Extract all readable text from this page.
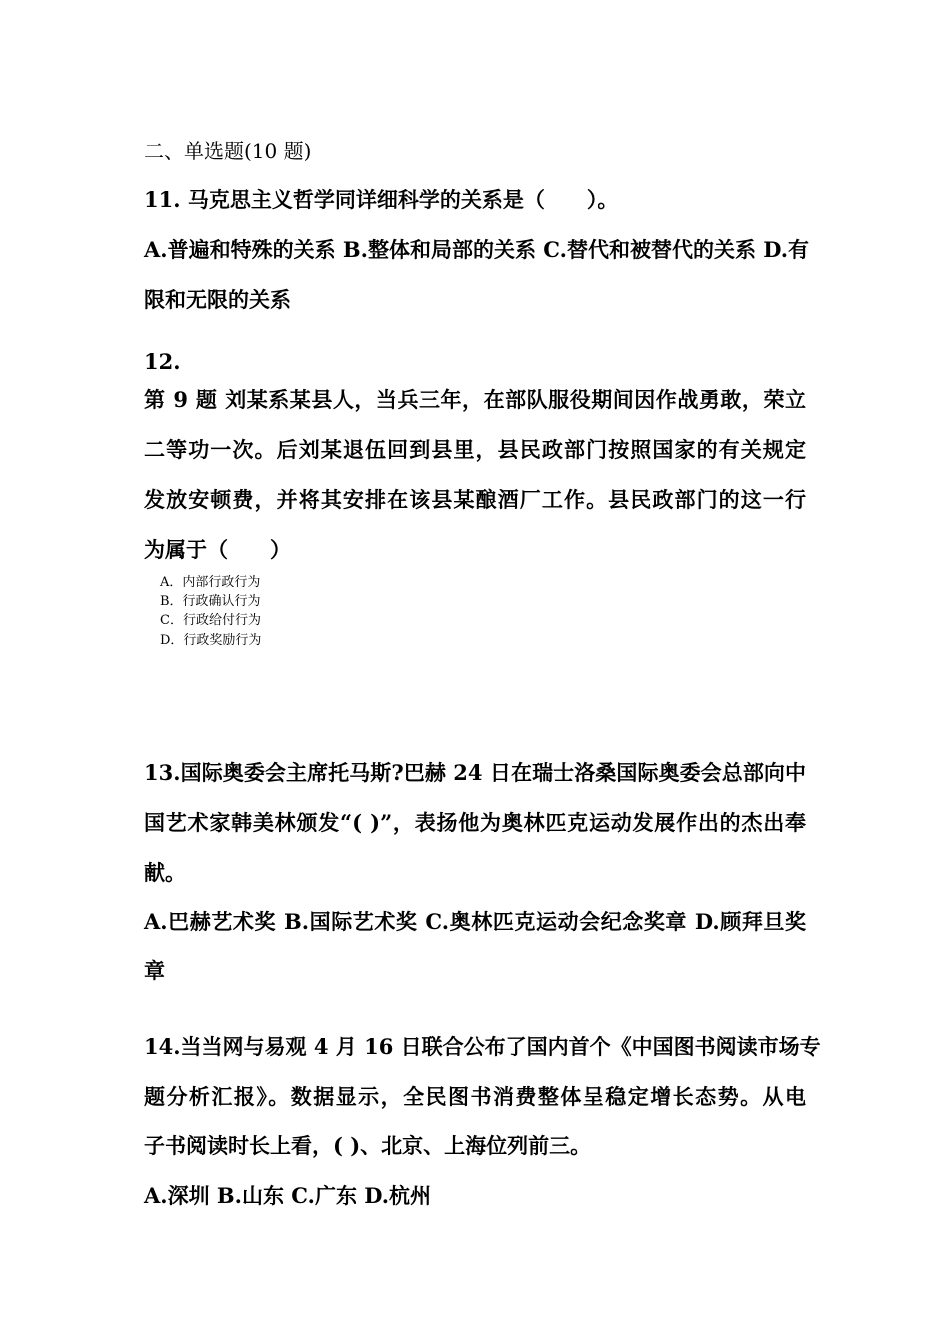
二、单选题(10 题)
11. 马克思主义哲学同详细科学的关系是（　　）。
A.普遍和特殊的关系 B.整体和局部的关系 C.替代和被替代的关系 D.有
限和无限的关系
12.
第 9 题 刘某系某县人，当兵三年，在部队服役期间因作战勇敢，荣立
二等功一次。后刘某退伍回到县里，县民政部门按照国家的有关规定
发放安顿费，并将其安排在该县某酿酒厂工作。县民政部门的这一行
为属于（　　）
A．内部行政行为
B．行政确认行为
C．行政给付行为
D．行政奖励行为
13.国际奥委会主席托马斯?巴赫 24 日在瑞士洛桑国际奥委会总部向中
国艺术家韩美林颁发“( )”，表扬他为奥林匹克运动发展作出的杰出奉
献。
A.巴赫艺术奖 B.国际艺术奖 C.奥林匹克运动会纪念奖章 D.顾拜旦奖
章
14.当当网与易观 4 月 16 日联合公布了国内首个《中国图书阅读市场专
题分析汇报》。数据显示，全民图书消费整体呈稳定增长态势。从电
子书阅读时长上看，( )、北京、上海位列前三。
A.深圳 B.山东 C.广东 D.杭州
